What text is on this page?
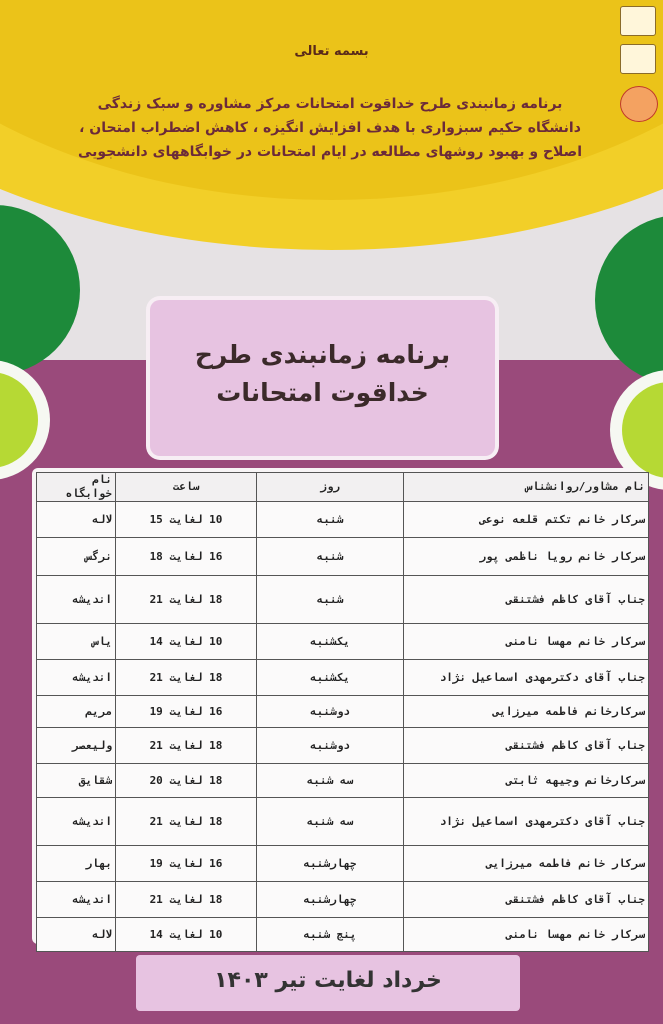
بسمه تعالی
برنامه زمانبندی طرح خداقوت امتحانات مرکز مشاوره و سبک زندگی دانشگاه حکیم سبزواری با هدف افزایش انگیزه ، کاهش اضطراب امتحان ، اصلاح و بهبود روشهای مطالعه در ایام امتحانات در خوابگاههای دانشجویی
برنامه زمانبندی طرح
خداقوت امتحانات
نام مشاور/روانشناس	روز	ساعت	نام خوابگاه
سرکار خانم تکتم قلعه نوعی	شنبه	10 لغایت 15	لاله
سرکار خانم رویا ناظمی پور	شنبه	16 لغایت 18	نرگس
جناب آقای کاظم فشتنقی	شنبه	18 لغایت 21	اندیشه
سرکار خانم مهسا نامنی	یکشنبه	10 لغایت 14	یاس
جناب آقای دکترمهدی اسماعیل نژاد	یکشنبه	18 لغایت 21	اندیشه
سرکارخانم فاطمه میرزایی	دوشنبه	16 لغایت 19	مریم
جناب آقای کاظم فشتنقی	دوشنبه	18 لغایت 21	ولیعصر
سرکارخانم وجیهه ثابتی	سه شنبه	18 لغایت 20	شقایق
جناب آقای دکترمهدی اسماعیل نژاد	سه شنبه	18 لغایت 21	اندیشه
سرکار خانم فاطمه میرزایی	چهارشنبه	16 لغایت 19	بهار
جناب آقای کاظم فشتنقی	چهارشنبه	18 لغایت 21	اندیشه
سرکار خانم مهسا نامنی	پنج شنبه	10 لغایت 14	لاله
خرداد لغایت تیر ۱۴۰۳
